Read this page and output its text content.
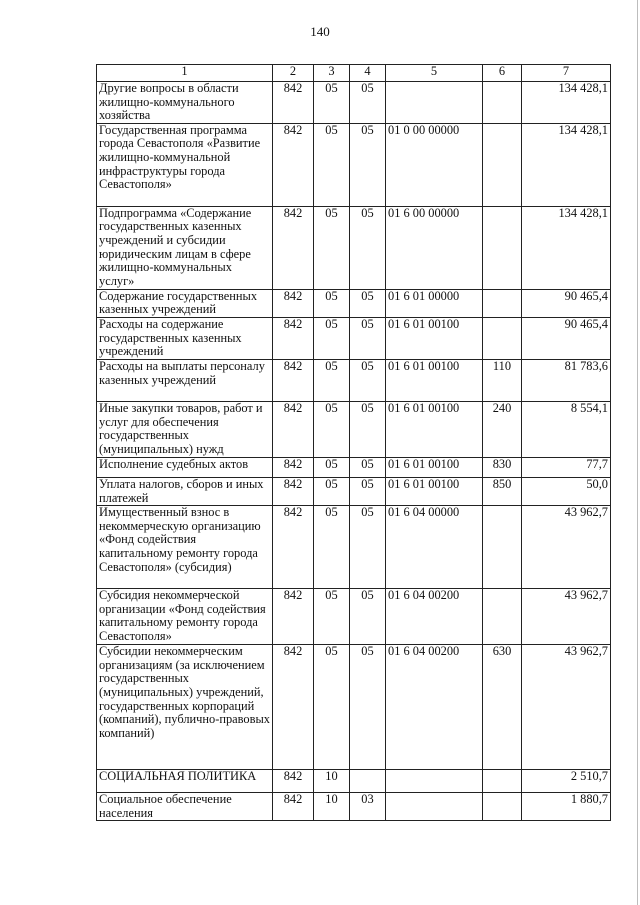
140
1	2	3	4	5	6	7
Другие вопросы в области жилищно-коммунального хозяйства	842	05	05			134 428,1
Государственная программа города Севастополя «Развитие жилищно-коммунальной инфраструктуры города Севастополя»	842	05	05	01 0 00 00000		134 428,1
Подпрограмма «Содержание государственных казенных учреждений и субсидии юридическим лицам в сфере жилищно-коммунальных услуг»	842	05	05	01 6 00 00000		134 428,1
Содержание государственных казенных учреждений	842	05	05	01 6 01 00000		90 465,4
Расходы на содержание государственных казенных учреждений	842	05	05	01 6 01 00100		90 465,4
Расходы на выплаты персоналу казенных учреждений	842	05	05	01 6 01 00100	110	81 783,6
Иные закупки товаров, работ и услуг для обеспечения государственных (муниципальных) нужд	842	05	05	01 6 01 00100	240	8 554,1
Исполнение судебных актов	842	05	05	01 6 01 00100	830	77,7
Уплата налогов, сборов и иных платежей	842	05	05	01 6 01 00100	850	50,0
Имущественный взнос в некоммерческую организацию «Фонд содействия капитальному ремонту города Севастополя» (субсидия)	842	05	05	01 6 04 00000		43 962,7
Субсидия некоммерческой организации «Фонд содействия капитальному ремонту города Севастополя»	842	05	05	01 6 04 00200		43 962,7
Субсидии некоммерческим организациям (за исключением государственных (муниципальных) учреждений, государственных корпораций (компаний), публично-правовых компаний)	842	05	05	01 6 04 00200	630	43 962,7
СОЦИАЛЬНАЯ ПОЛИТИКА	842	10				2 510,7
Социальное обеспечение населения	842	10	03			1 880,7
